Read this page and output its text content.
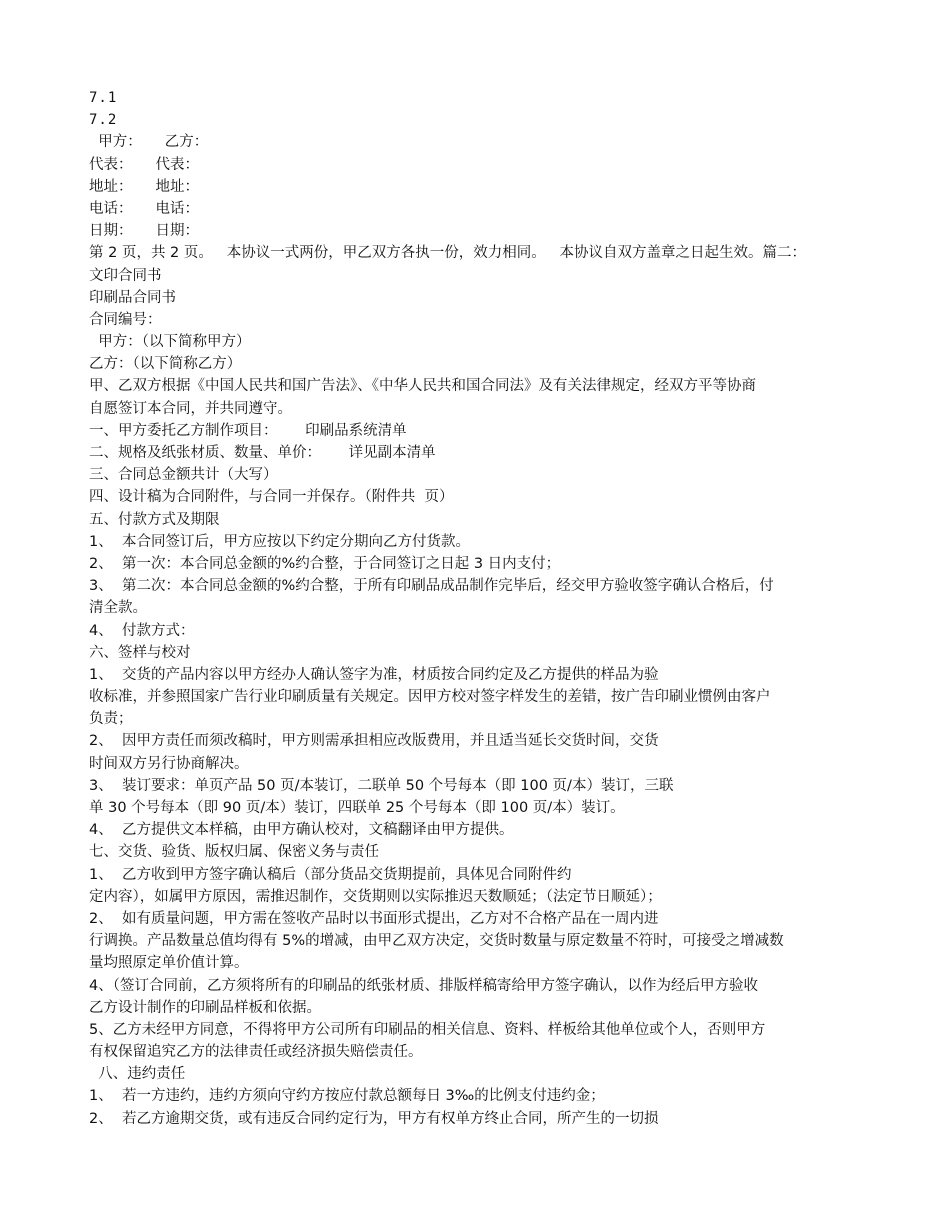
7.1
7.2
甲方：     乙方：
代表：     代表：
地址：     地址：
电话：     电话：
日期：     日期：
第 2 页，共 2 页。   本协议一式两份，甲乙双方各执一份，效力相同。   本协议自双方盖章之日起生效。篇二：
文印合同书
印刷品合同书
合同编号：
甲方：（以下简称甲方）
乙方：（以下简称乙方）
甲、乙双方根据《中国人民共和国广告法》、《中华人民共和国合同法》及有关法律规定，经双方平等协商
自愿签订本合同，并共同遵守。
一、甲方委托乙方制作项目：      印刷品系统清单
二、规格及纸张材质、数量、单价：      详见副本清单
三、合同总金额共计（大写）
四、设计稿为合同附件，与合同一并保存。（附件共  页）
五、付款方式及期限
1、  本合同签订后，甲方应按以下约定分期向乙方付货款。
2、  第一次：本合同总金额的%约合整，于合同签订之日起 3 日内支付；
3、  第二次：本合同总金额的%约合整，于所有印刷品成品制作完毕后，经交甲方验收签字确认合格后，付
清全款。
4、  付款方式：
六、签样与校对
1、  交货的产品内容以甲方经办人确认签字为准，材质按合同约定及乙方提供的样品为验
收标准，并参照国家广告行业印刷质量有关规定。因甲方校对签字样发生的差错，按广告印刷业惯例由客户
负责；
2、  因甲方责任而须改稿时，甲方则需承担相应改版费用，并且适当延长交货时间，交货
时间双方另行协商解决。
3、  装订要求：单页产品 50 页/本装订，二联单 50 个号每本（即 100 页/本）装订，三联
单 30 个号每本（即 90 页/本）装订，四联单 25 个号每本（即 100 页/本）装订。
4、  乙方提供文本样稿，由甲方确认校对，文稿翻译由甲方提供。
七、交货、验货、版权归属、保密义务与责任
1、  乙方收到甲方签字确认稿后（部分货品交货期提前，具体见合同附件约
定内容），如属甲方原因，需推迟制作，交货期则以实际推迟天数顺延；（法定节日顺延）；
2、  如有质量问题，甲方需在签收产品时以书面形式提出，乙方对不合格产品在一周内进
行调换。产品数量总值均得有 5%的增减，由甲乙双方决定，交货时数量与原定数量不符时，可接受之增减数
量均照原定单价值计算。
4、（签订合同前，乙方须将所有的印刷品的纸张材质、排版样稿寄给甲方签字确认，以作为经后甲方验收
乙方设计制作的印刷品样板和依据。
5、乙方未经甲方同意，不得将甲方公司所有印刷品的相关信息、资料、样板给其他单位或个人，否则甲方
有权保留追究乙方的法律责任或经济损失赔偿责任。
八、违约责任
1、  若一方违约，违约方须向守约方按应付款总额每日 3‰的比例支付违约金；
2、  若乙方逾期交货，或有违反合同约定行为，甲方有权单方终止合同，所产生的一切损
